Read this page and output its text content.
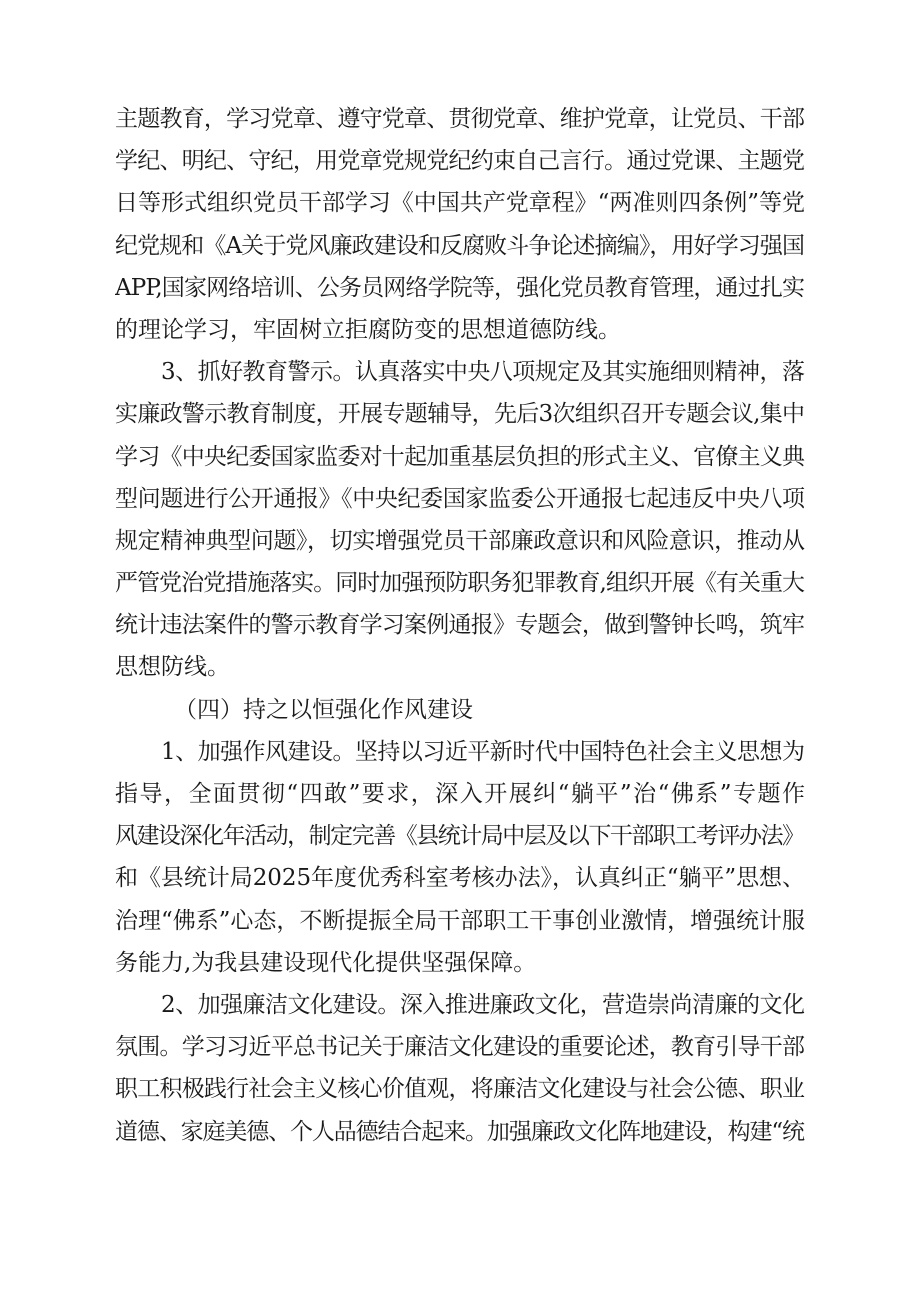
主题教育，学习党章、遵守党章、贯彻党章、维护党章，让党员、干部
学纪、明纪、守纪，用党章党规党纪约束自己言行。通过党课、主题党
日等形式组织党员干部学习《中国共产党章程》“两准则四条例”等党
纪党规和《A关于党风廉政建设和反腐败斗争论述摘编》，用好学习强国
APP,国家网络培训、公务员网络学院等，强化党员教育管理，通过扎实
的理论学习，牢固树立拒腐防变的思想道德防线。
3、抓好教育警示。认真落实中央八项规定及其实施细则精神，落
实廉政警示教育制度，开展专题辅导，先后3次组织召开专题会议,集中
学习《中央纪委国家监委对十起加重基层负担的形式主义、官僚主义典
型问题进行公开通报》《中央纪委国家监委公开通报七起违反中央八项
规定精神典型问题》，切实增强党员干部廉政意识和风险意识，推动从
严管党治党措施落实。同时加强预防职务犯罪教育,组织开展《有关重大
统计违法案件的警示教育学习案例通报》专题会，做到警钟长鸣，筑牢
思想防线。
（四）持之以恒强化作风建设
1、加强作风建设。坚持以习近平新时代中国特色社会主义思想为
指导，全面贯彻“四敢”要求，深入开展纠“躺平”治“佛系”专题作
风建设深化年活动，制定完善《县统计局中层及以下干部职工考评办法》
和《县统计局2025年度优秀科室考核办法》，认真纠正“躺平”思想、
治理“佛系”心态，不断提振全局干部职工干事创业激情，增强统计服
务能力,为我县建设现代化提供坚强保障。
2、加强廉洁文化建设。深入推进廉政文化，营造崇尚清廉的文化
氛围。学习习近平总书记关于廉洁文化建设的重要论述，教育引导干部
职工积极践行社会主义核心价值观，将廉洁文化建设与社会公德、职业
道德、家庭美德、个人品德结合起来。加强廉政文化阵地建设，构建“统
